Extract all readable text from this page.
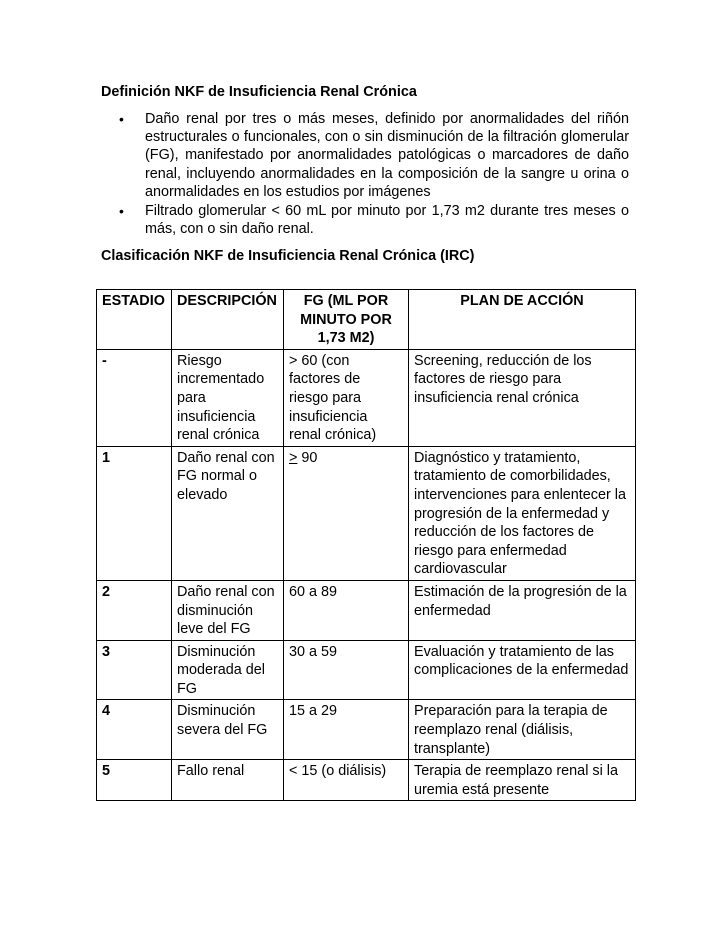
Definición NKF de Insuficiencia Renal Crónica
• Daño renal por tres o más meses, definido por anormalidades del riñón estructurales o funcionales, con o sin disminución de la filtración glomerular (FG), manifestado por anormalidades patológicas o marcadores de daño renal, incluyendo anormalidades en la composición de la sangre u orina o anormalidades en los estudios por imágenes
• Filtrado glomerular < 60 mL por minuto por 1,73 m2 durante tres meses o más, con o sin daño renal.
Clasificación NKF de Insuficiencia Renal Crónica (IRC)
ESTADIO	DESCRIPCIÓN	FG (ML POR MINUTO POR 1,73 M2)	PLAN DE ACCIÓN
-	Riesgo incrementado para insuficiencia renal crónica	> 60 (con factores de riesgo para insuficiencia renal crónica)	Screening, reducción de los factores de riesgo para insuficiencia renal crónica
1	Daño renal con FG normal o elevado	> 90	Diagnóstico y tratamiento, tratamiento de comorbilidades, intervenciones para enlentecer la progresión de la enfermedad y reducción de los factores de riesgo para enfermedad cardiovascular
2	Daño renal con disminución leve del FG	60 a 89	Estimación de la progresión de la enfermedad
3	Disminución moderada del FG	30 a 59	Evaluación y tratamiento de las complicaciones de la enfermedad
4	Disminución severa del FG	15 a 29	Preparación para la terapia de reemplazo renal (diálisis, transplante)
5	Fallo renal	< 15 (o diálisis)	Terapia de reemplazo renal si la uremia está presente
